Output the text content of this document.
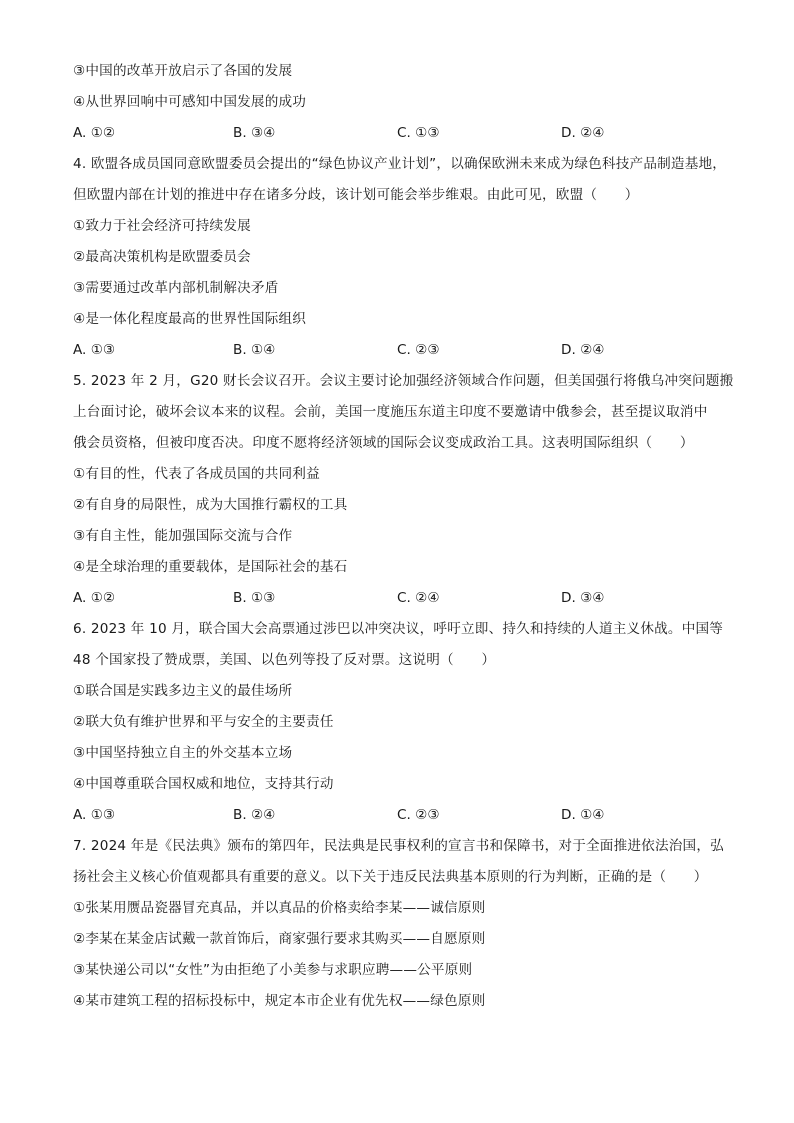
③中国的改革开放启示了各国的发展
④从世界回响中可感知中国发展的成功
A. ①②	B. ③④	C. ①③	D. ②④
4. 欧盟各成员国同意欧盟委员会提出的“绿色协议产业计划”，以确保欧洲未来成为绿色科技产品制造基地，
但欧盟内部在计划的推进中存在诸多分歧，该计划可能会举步维艰。由此可见，欧盟（　　）
①致力于社会经济可持续发展
②最高决策机构是欧盟委员会
③需要通过改革内部机制解决矛盾
④是一体化程度最高的世界性国际组织
A. ①③	B. ①④	C. ②③	D. ②④
5. 2023 年 2 月，G20 财长会议召开。会议主要讨论加强经济领域合作问题，但美国强行将俄乌冲突问题搬
上台面讨论，破坏会议本来的议程。会前，美国一度施压东道主印度不要邀请中俄参会，甚至提议取消中
俄会员资格，但被印度否决。印度不愿将经济领域的国际会议变成政治工具。这表明国际组织（　　）
①有目的性，代表了各成员国的共同利益
②有自身的局限性，成为大国推行霸权的工具
③有自主性，能加强国际交流与合作
④是全球治理的重要载体，是国际社会的基石
A. ①②	B. ①③	C. ②④	D. ③④
6. 2023 年 10 月，联合国大会高票通过涉巴以冲突决议，呼吁立即、持久和持续的人道主义休战。中国等
48 个国家投了赞成票，美国、以色列等投了反对票。这说明（　　）
①联合国是实践多边主义的最佳场所
②联大负有维护世界和平与安全的主要责任
③中国坚持独立自主的外交基本立场
④中国尊重联合国权威和地位，支持其行动
A. ①③	B. ②④	C. ②③	D. ①④
7. 2024 年是《民法典》颁布的第四年，民法典是民事权利的宣言书和保障书，对于全面推进依法治国，弘
扬社会主义核心价值观都具有重要的意义。以下关于违反民法典基本原则的行为判断，正确的是（　　）
①张某用赝品瓷器冒充真品，并以真品的价格卖给李某——诚信原则
②李某在某金店试戴一款首饰后，商家强行要求其购买——自愿原则
③某快递公司以“女性”为由拒绝了小美参与求职应聘——公平原则
④某市建筑工程的招标投标中，规定本市企业有优先权——绿色原则
